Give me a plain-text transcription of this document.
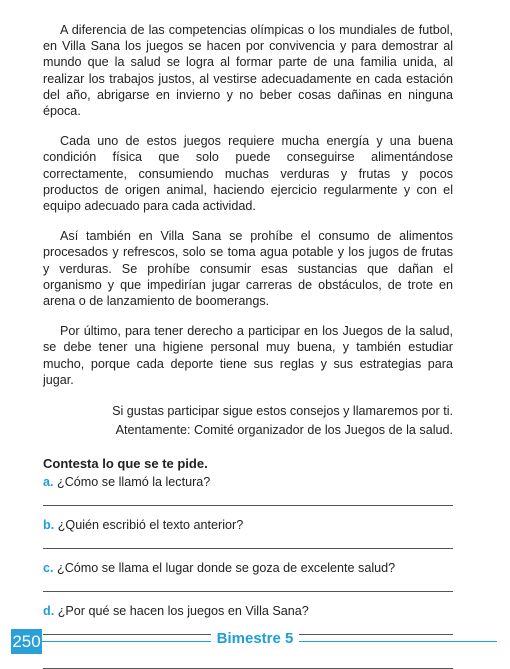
A diferencia de las competencias olímpicas o los mundiales de futbol, en Villa Sana los juegos se hacen por convivencia y para demostrar al mundo que la salud se logra al formar parte de una familia unida, al realizar los trabajos justos, al vestirse adecuadamente en cada estación del año, abrigarse en invierno y no beber cosas dañinas en ninguna época.

Cada uno de estos juegos requiere mucha energía y una buena condición física que solo puede conseguirse alimentándose correctamente, consumiendo muchas verduras y frutas y pocos productos de origen animal, haciendo ejercicio regularmente y con el equipo adecuado para cada actividad.

Así también en Villa Sana se prohíbe el consumo de alimentos procesados y refrescos, solo se toma agua potable y los jugos de frutas y verduras. Se prohíbe consumir esas sustancias que dañan el organismo y que impedirían jugar carreras de obstáculos, de trote en arena o de lanzamiento de boomerangs.

Por último, para tener derecho a participar en los Juegos de la salud, se debe tener una higiene personal muy buena, y también estudiar mucho, porque cada deporte tiene sus reglas y sus estrategias para jugar.

Si gustas participar sigue estos consejos y llamaremos por ti.
Atentamente: Comité organizador de los Juegos de la salud.
Contesta lo que se te pide.
a. ¿Cómo se llamó la lectura?
b. ¿Quién escribió el texto anterior?
c. ¿Cómo se llama el lugar donde se goza de excelente salud?
d. ¿Por qué se hacen los juegos en Villa Sana?
Bimestre 5
250
